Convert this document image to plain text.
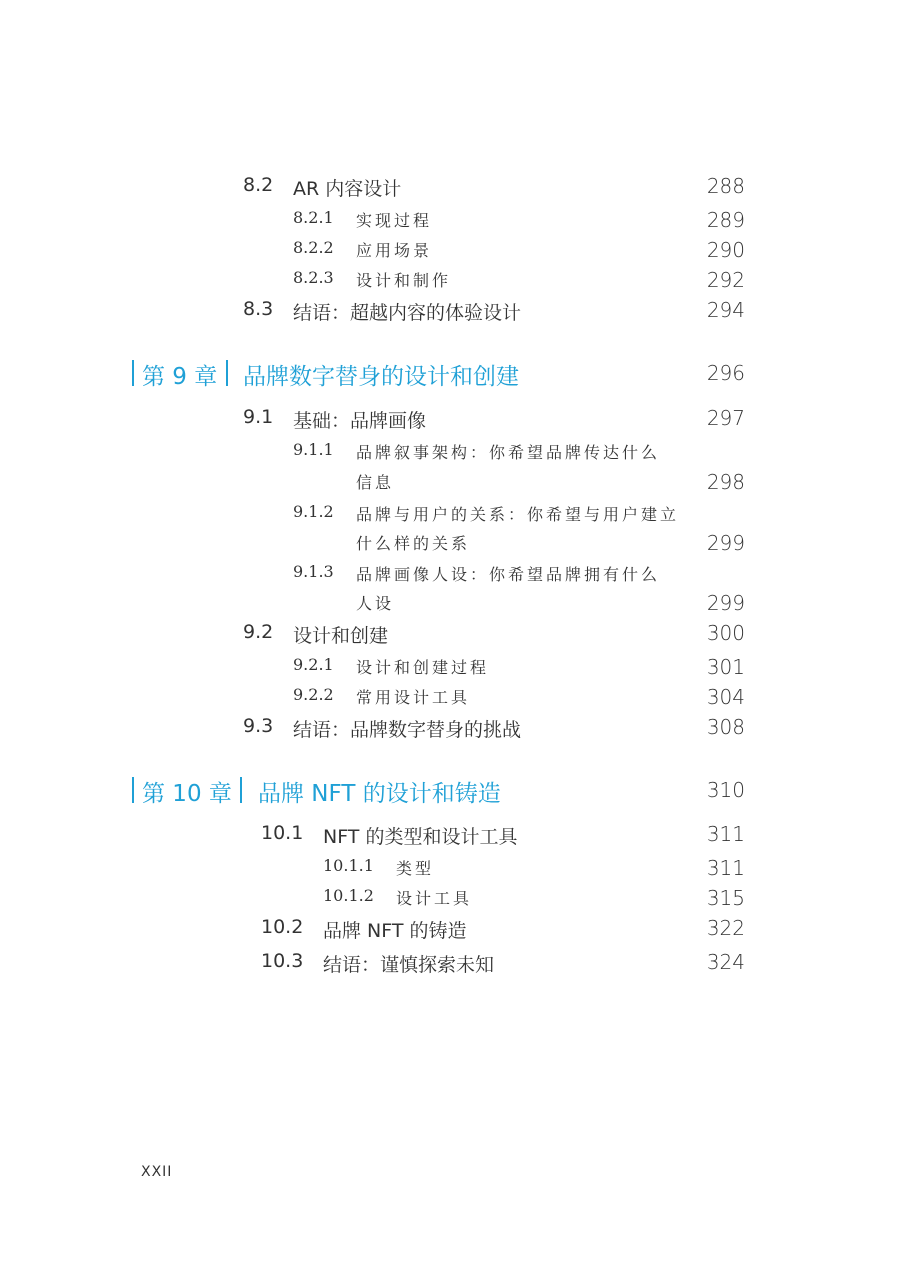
8.2 AR 内容设计	288
8.2.1 实现过程	289
8.2.2 应用场景	290
8.2.3 设计和制作	292
8.3 结语：超越内容的体验设计	294
第 9 章 品牌数字替身的设计和创建	296
9.1 基础：品牌画像	297
9.1.1 品牌叙事架构：你希望品牌传达什么
信息	298
9.1.2 品牌与用户的关系：你希望与用户建立
什么样的关系	299
9.1.3 品牌画像人设：你希望品牌拥有什么
人设	299
9.2 设计和创建	300
9.2.1 设计和创建过程	301
9.2.2 常用设计工具	304
9.3 结语：品牌数字替身的挑战	308
第 10 章 品牌 NFT 的设计和铸造	310
10.1 NFT 的类型和设计工具	311
10.1.1 类型	311
10.1.2 设计工具	315
10.2 品牌 NFT 的铸造	322
10.3 结语：谨慎探索未知	324
XXII
